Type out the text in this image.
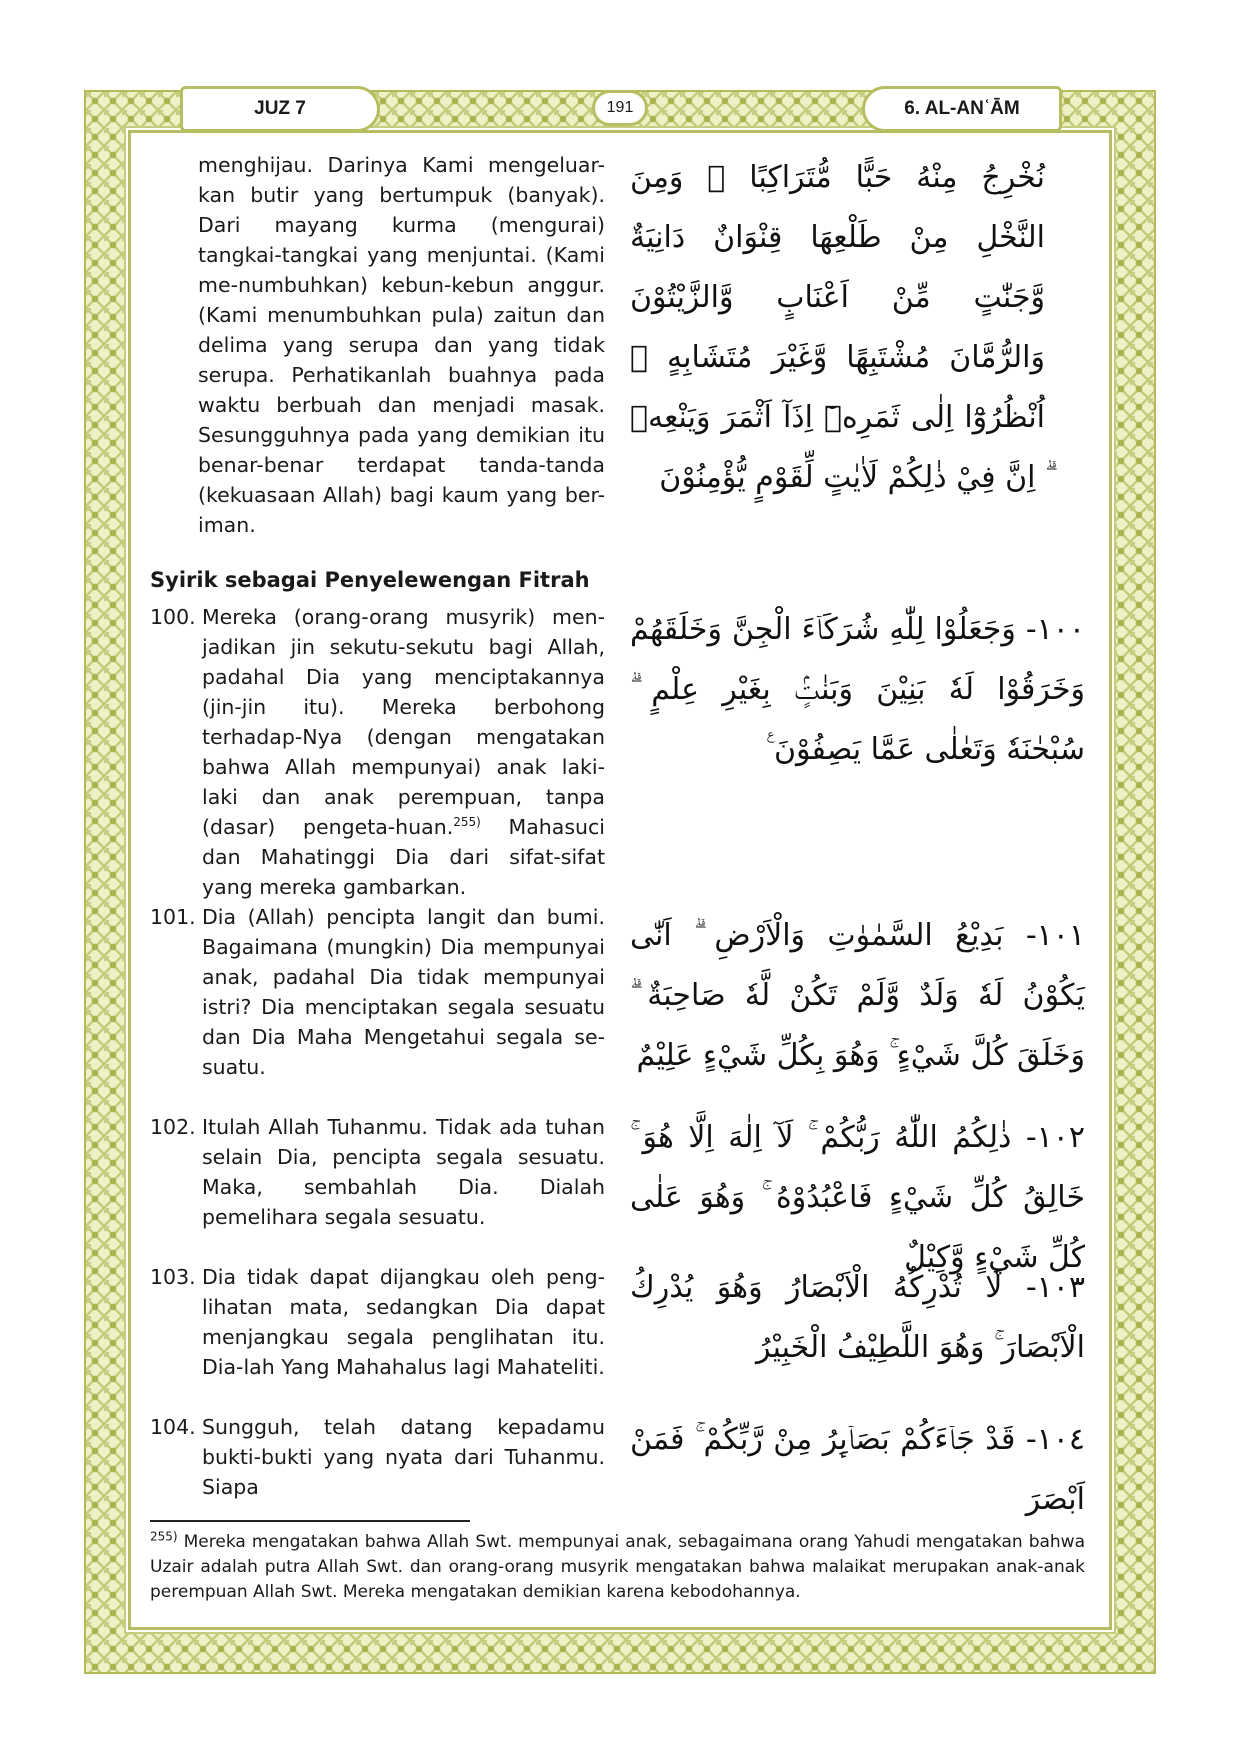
JUZ 7	191	6. AL-ANʿĀM
menghijau. Darinya Kami mengeluar-kan butir yang bertumpuk (banyak). Dari mayang kurma (mengurai) tangkai-tangkai yang menjuntai. (Kami me-numbuhkan) kebun-kebun anggur. (Kami menumbuhkan pula) zaitun dan delima yang serupa dan yang tidak serupa. Perhatikanlah buahnya pada waktu berbuah dan menjadi masak. Sesungguhnya pada yang demikian itu benar-benar terdapat tanda-tanda (kekuasaan Allah) bagi kaum yang ber-iman.
نُخْرِجُ مِنْهُ حَبًّا مُّتَرَاكِبًا ۚ وَمِنَ النَّخْلِ مِنْ طَلْعِهَا قِنْوَانٌ دَانِيَةٌ وَّجَنّٰتٍ مِّنْ اَعْنَابٍ وَّالزَّيْتُوْنَ وَالرُّمَّانَ مُشْتَبِهًا وَّغَيْرَ مُتَشَابِهٍ ۗ اُنْظُرُوْٓا اِلٰى ثَمَرِهٖٓ اِذَآ اَثْمَرَ وَيَنْعِهٖ ۗ اِنَّ فِيْ ذٰلِكُمْ لَاٰيٰتٍ لِّقَوْمٍ يُّؤْمِنُوْنَ
Syirik sebagai Penyelewengan Fitrah
100. Mereka (orang-orang musyrik) men-jadikan jin sekutu-sekutu bagi Allah, padahal Dia yang menciptakannya (jin-jin itu). Mereka berbohong terhadap-Nya (dengan mengatakan bahwa Allah mempunyai) anak laki-laki dan anak perempuan, tanpa (dasar) pengeta-huan.$^{255)}$ Mahasuci dan Mahatinggi Dia dari sifat-sifat yang mereka gambarkan.
١٠٠- وَجَعَلُوْا لِلّٰهِ شُرَكَاۤءَ الْجِنَّ وَخَلَقَهُمْ وَخَرَقُوْا لَهٗ بَنِيْنَ وَبَنٰتٍۢ بِغَيْرِ عِلْمٍ ۗ سُبْحٰنَهٗ وَتَعٰلٰى عَمَّا يَصِفُوْنَ ࣖ
101. Dia (Allah) pencipta langit dan bumi. Bagaimana (mungkin) Dia mempunyai anak, padahal Dia tidak mempunyai istri? Dia menciptakan segala sesuatu dan Dia Maha Mengetahui segala se-suatu.
١٠١- بَدِيْعُ السَّمٰوٰتِ وَالْاَرْضِ ۗ اَنّٰى يَكُوْنُ لَهٗ وَلَدٌ وَّلَمْ تَكُنْ لَّهٗ صَاحِبَةٌ ۗ وَخَلَقَ كُلَّ شَيْءٍ ۚ وَهُوَ بِكُلِّ شَيْءٍ عَلِيْمٌ
102. Itulah Allah Tuhanmu. Tidak ada tuhan selain Dia, pencipta segala sesuatu. Maka, sembahlah Dia. Dialah pemelihara segala sesuatu.
١٠٢- ذٰلِكُمُ اللّٰهُ رَبُّكُمْ ۚ لَآ اِلٰهَ اِلَّا هُوَ ۚ خَالِقُ كُلِّ شَيْءٍ فَاعْبُدُوْهُ ۚ وَهُوَ عَلٰى كُلِّ شَيْءٍ وَّكِيْلٌ
103. Dia tidak dapat dijangkau oleh peng-lihatan mata, sedangkan Dia dapat menjangkau segala penglihatan itu. Dia-lah Yang Mahahalus lagi Mahateliti.
١٠٣- لَا تُدْرِكُهُ الْاَبْصَارُ وَهُوَ يُدْرِكُ الْاَبْصَارَ ۚ وَهُوَ اللَّطِيْفُ الْخَبِيْرُ
104. Sungguh, telah datang kepadamu bukti-bukti yang nyata dari Tuhanmu. Siapa
١٠٤- قَدْ جَاۤءَكُمْ بَصَاۤىِٕرُ مِنْ رَّبِّكُمْ ۚ فَمَنْ اَبْصَرَ
$^{255)}$ Mereka mengatakan bahwa Allah Swt. mempunyai anak, sebagaimana orang Yahudi mengatakan bahwa Uzair adalah putra Allah Swt. dan orang-orang musyrik mengatakan bahwa malaikat merupakan anak-anak perempuan Allah Swt. Mereka mengatakan demikian karena kebodohannya.
